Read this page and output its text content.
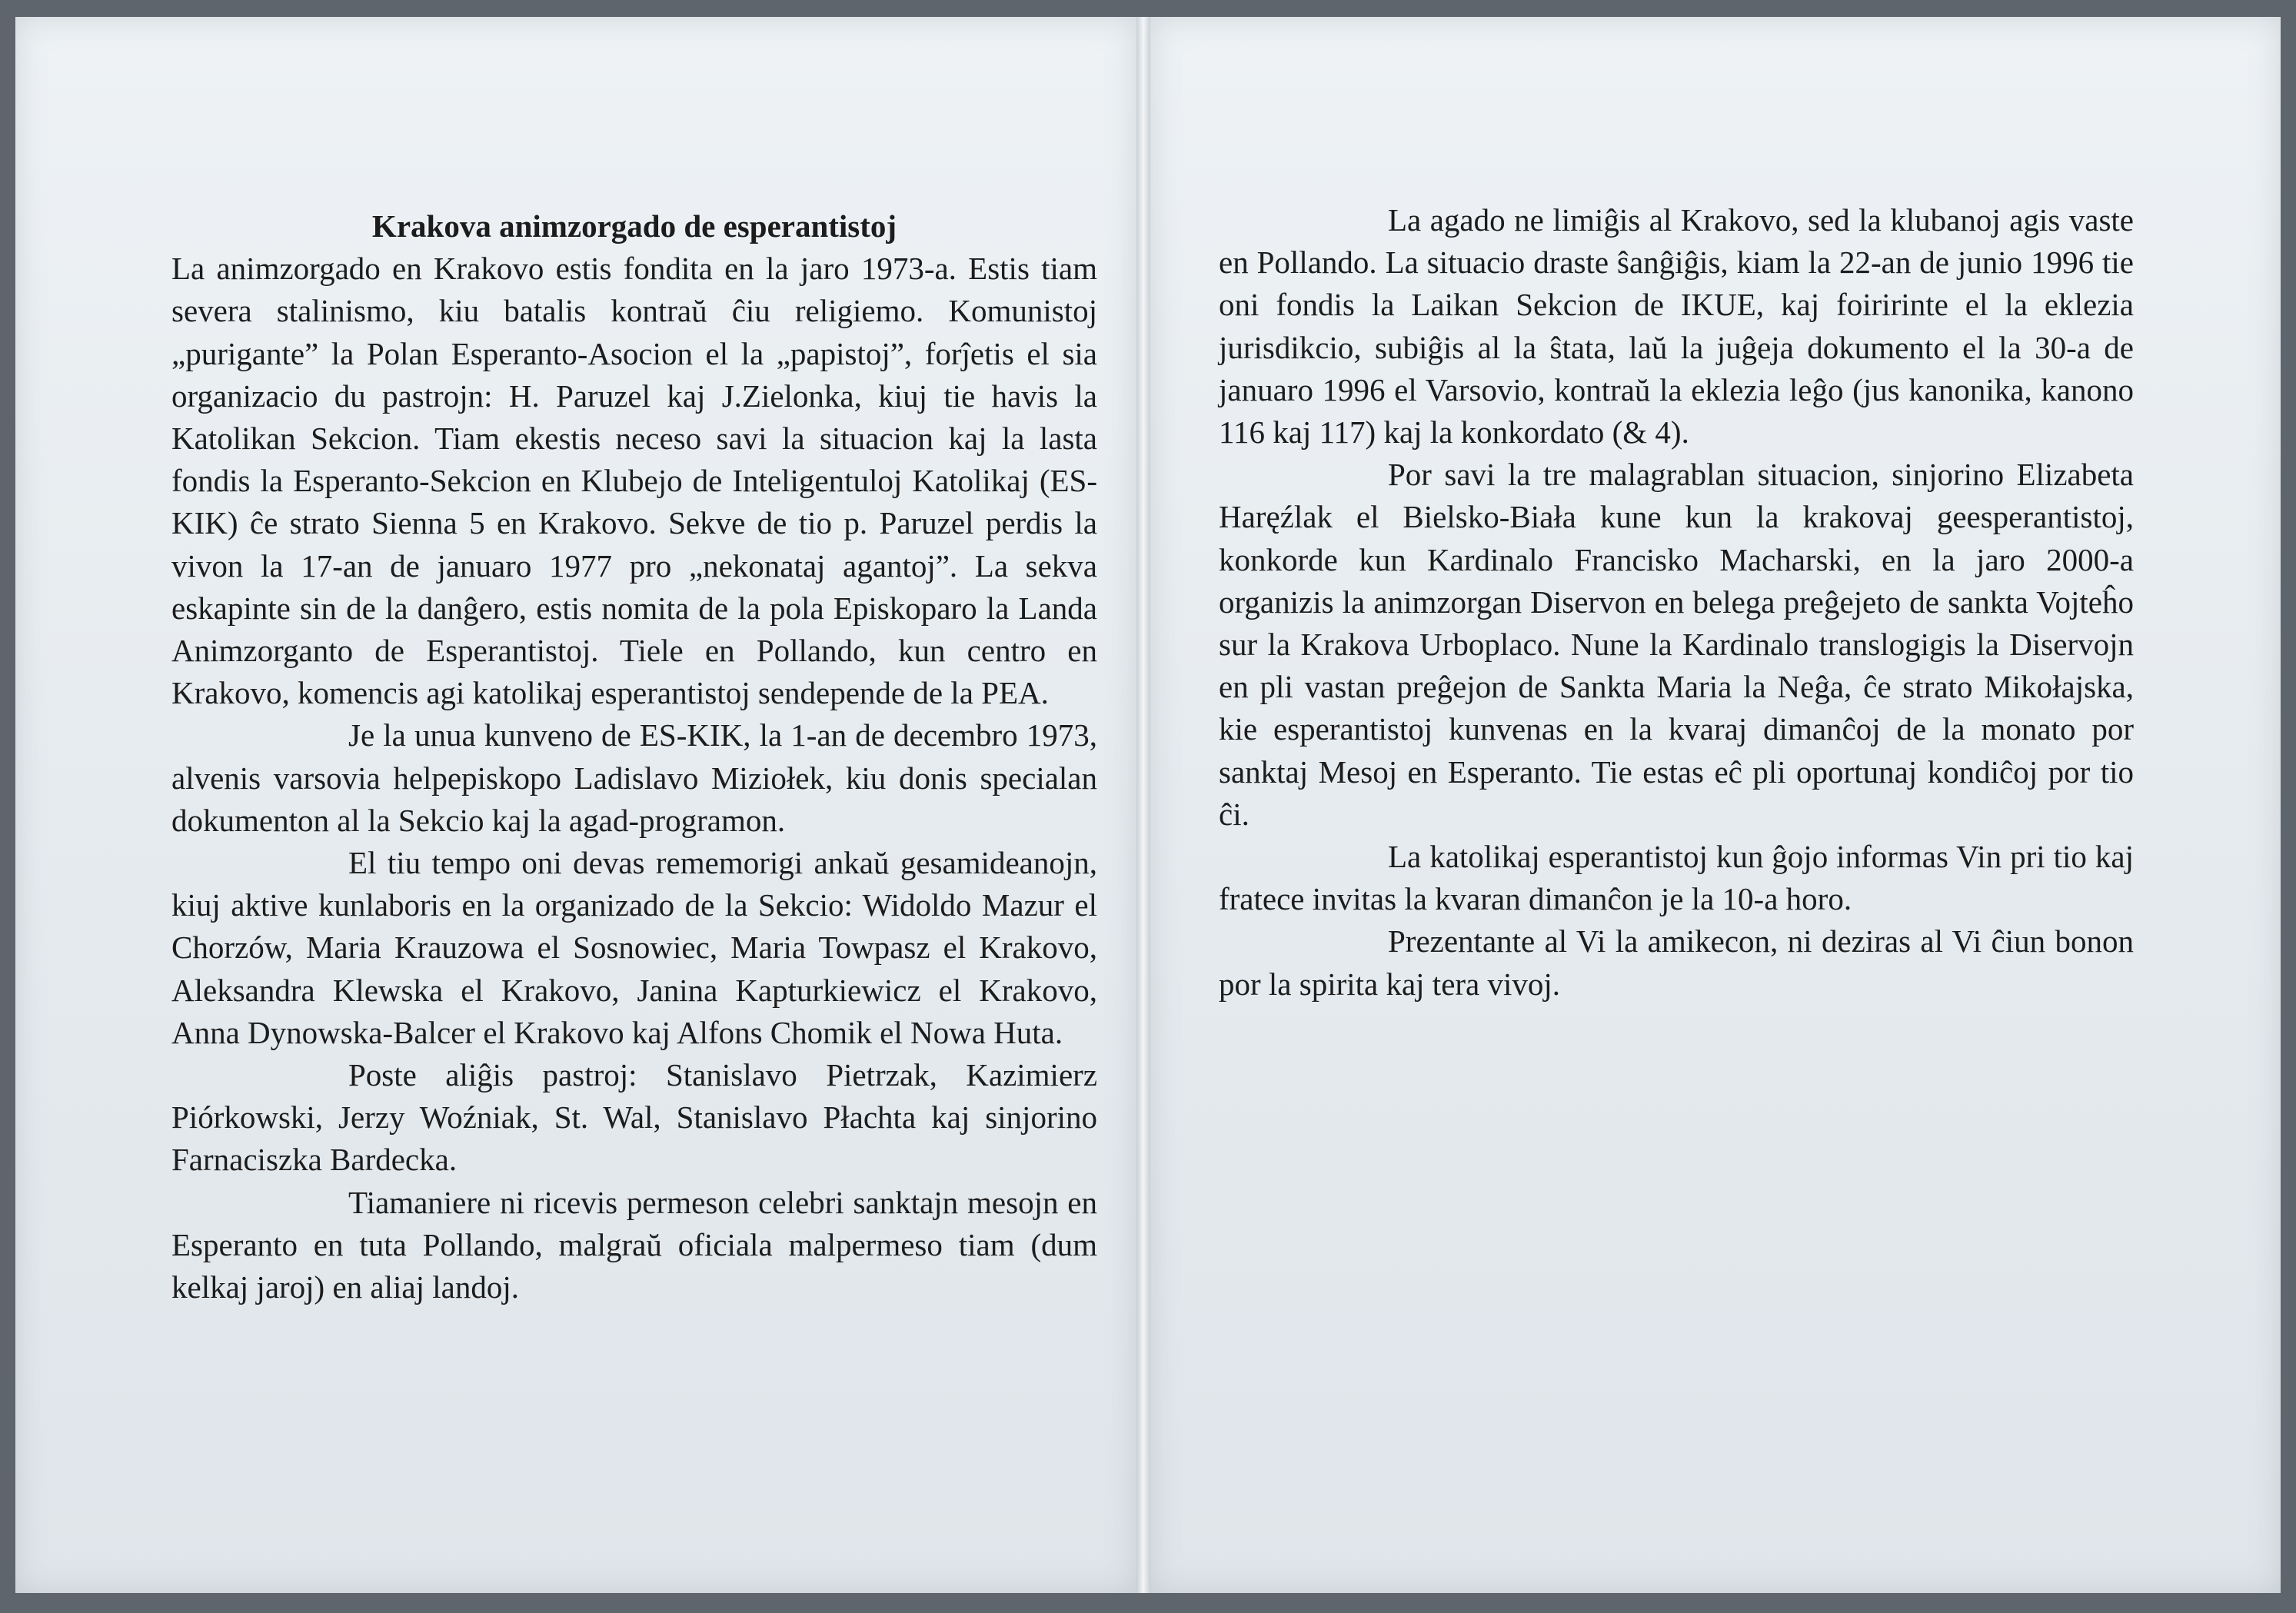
Krakova animzorgado de esperantistoj

La animzorgado en Krakovo estis fondita en la jaro 1973-a. Estis tiam severa stalinismo, kiu batalis kontraŭ ĉiu religiemo. Komunistoj „purigante” la Polan Esperanto-Asocion el la „papistoj”, forĵetis el sia organizacio du pastrojn: H. Paruzel kaj J.Zielonka, kiuj tie havis la Katolikan Sekcion. Tiam ekestis neceso savi la situacion kaj la lasta fondis la Esperanto-Sekcion en Klubejo de Inteligentuloj Katolikaj (ES-KIK) ĉe strato Sienna 5 en Krakovo. Sekve de tio p. Paruzel perdis la vivon la 17-an de januaro 1977 pro „nekonataj agantoj”. La sekva eskapinte sin de la danĝero, estis nomita de la pola Episkoparo la Landa Animzorganto de Esperantistoj. Tiele en Pollando, kun centro en Krakovo, komencis agi katolikaj esperantistoj sendepende de la PEA.

Je la unua kunveno de ES-KIK, la 1-an de decembro 1973, alvenis varsovia helpepiskopo Ladislavo Miziołek, kiu donis specialan dokumenton al la Sekcio kaj la agad-programon.

El tiu tempo oni devas rememorigi ankaŭ gesamideanojn, kiuj aktive kunlaboris en la organizado de la Sekcio: Widoldo Mazur el Chorzów, Maria Krauzowa el Sosnowiec, Maria Towpasz el Krakovo, Aleksandra Klewska el Krakovo, Janina Kapturkiewicz el Krakovo, Anna Dynowska-Balcer el Krakovo kaj Alfons Chomik el Nowa Huta.

Poste aliĝis pastroj: Stanislavo Pietrzak, Kazimierz Piórkowski, Jerzy Woźniak, St. Wal, Stanislavo Płachta kaj sinjorino Farnaciszka Bardecka.

Tiamaniere ni ricevis permeson celebri sanktajn mesojn en Esperanto en tuta Pollando, malgraŭ oficiala malpermeso tiam (dum kelkaj jaroj) en aliaj landoj.

La agado ne limiĝis al Krakovo, sed la klubanoj agis vaste en Pollando. La situacio draste ŝanĝiĝis, kiam la 22-an de junio 1996 tie oni fondis la Laikan Sekcion de IKUE, kaj foiririnte el la eklezia jurisdikcio, subiĝis al la ŝtata, laŭ la juĝeja dokumento el la 30-a de januaro 1996 el Varsovio, kontraŭ la eklezia leĝo (jus kanonika, kanono 116 kaj 117) kaj la konkordato (& 4).

Por savi la tre malagrablan situacion, sinjorino Elizabeta Haręźlak el Bielsko-Biała kune kun la krakovaj geesperantistoj, konkorde kun Kardinalo Francisko Macharski, en la jaro 2000-a organizis la animzorgan Diservon en belega preĝejeto de sankta Vojteĥo sur la Krakova Urboplaco. Nune la Kardinalo translogigis la Diservojn en pli vastan preĝejon de Sankta Maria la Neĝa, ĉe strato Mikołajska, kie esperantistoj kunvenas en la kvaraj dimanĉoj de la monato por sanktaj Mesoj en Esperanto. Tie estas eĉ pli oportunaj kondiĉoj por tio ĉi.

La katolikaj esperantistoj kun ĝojo informas Vin pri tio kaj fratece invitas la kvaran dimanĉon je la 10-a horo.

Prezentante al Vi la amikecon, ni deziras al Vi ĉiun bonon por la spirita kaj tera vivoj.
